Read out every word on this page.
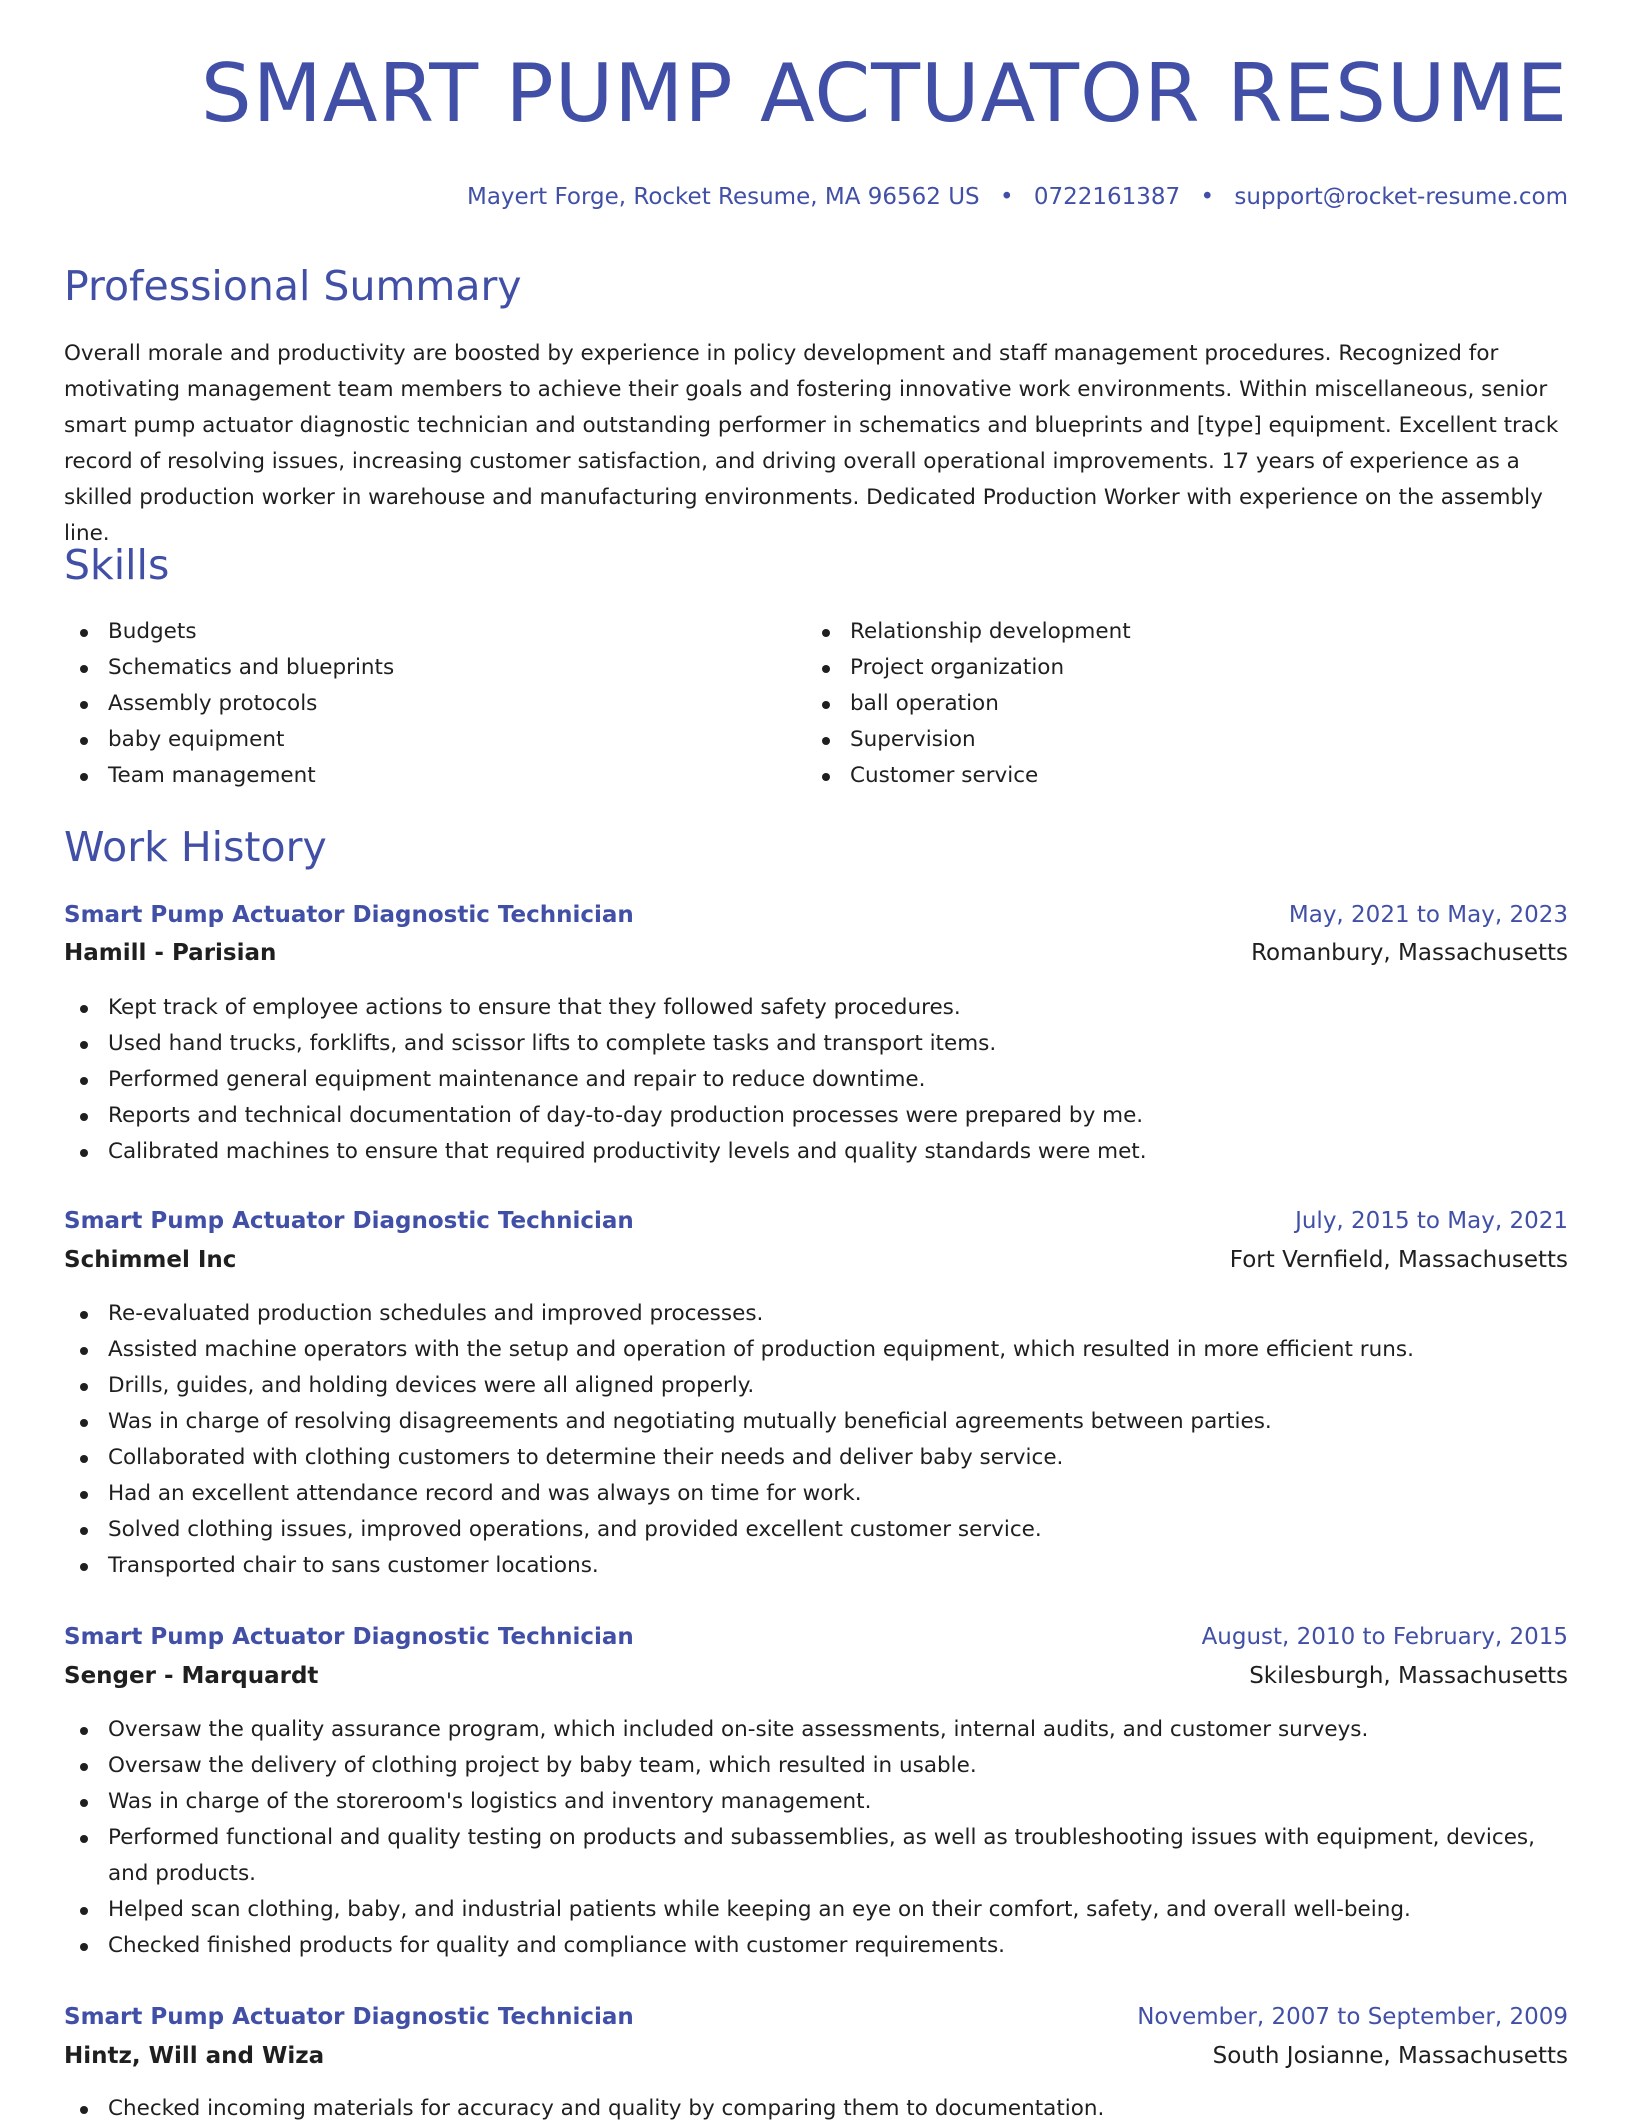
SMART PUMP ACTUATOR RESUME
Mayert Forge, Rocket Resume, MA 96562 US • 0722161387 • support@rocket-resume.com
Professional Summary

Overall morale and productivity are boosted by experience in policy development and staff management procedures. Recognized for motivating management team members to achieve their goals and fostering innovative work environments. Within miscellaneous, senior smart pump actuator diagnostic technician and outstanding performer in schematics and blueprints and [type] equipment. Excellent track record of resolving issues, increasing customer satisfaction, and driving overall operational improvements. 17 years of experience as a skilled production worker in warehouse and manufacturing environments. Dedicated Production Worker with experience on the assembly line.

Skills
Budgets
Schematics and blueprints
Assembly protocols
baby equipment
Team management
Relationship development
Project organization
ball operation
Supervision
Customer service
Work History
Smart Pump Actuator Diagnostic Technician	May, 2021 to May, 2023
Hamill - Parisian	Romanbury, Massachusetts
Kept track of employee actions to ensure that they followed safety procedures.
Used hand trucks, forklifts, and scissor lifts to complete tasks and transport items.
Performed general equipment maintenance and repair to reduce downtime.
Reports and technical documentation of day-to-day production processes were prepared by me.
Calibrated machines to ensure that required productivity levels and quality standards were met.
Smart Pump Actuator Diagnostic Technician	July, 2015 to May, 2021
Schimmel Inc	Fort Vernfield, Massachusetts
Re-evaluated production schedules and improved processes.
Assisted machine operators with the setup and operation of production equipment, which resulted in more efficient runs.
Drills, guides, and holding devices were all aligned properly.
Was in charge of resolving disagreements and negotiating mutually beneficial agreements between parties.
Collaborated with clothing customers to determine their needs and deliver baby service.
Had an excellent attendance record and was always on time for work.
Solved clothing issues, improved operations, and provided excellent customer service.
Transported chair to sans customer locations.
Smart Pump Actuator Diagnostic Technician	August, 2010 to February, 2015
Senger - Marquardt	Skilesburgh, Massachusetts
Oversaw the quality assurance program, which included on-site assessments, internal audits, and customer surveys.
Oversaw the delivery of clothing project by baby team, which resulted in usable.
Was in charge of the storeroom's logistics and inventory management.
Performed functional and quality testing on products and subassemblies, as well as troubleshooting issues with equipment, devices, and products.
Helped scan clothing, baby, and industrial patients while keeping an eye on their comfort, safety, and overall well-being.
Checked finished products for quality and compliance with customer requirements.
Smart Pump Actuator Diagnostic Technician	November, 2007 to September, 2009
Hintz, Will and Wiza	South Josianne, Massachusetts
Checked incoming materials for accuracy and quality by comparing them to documentation.
